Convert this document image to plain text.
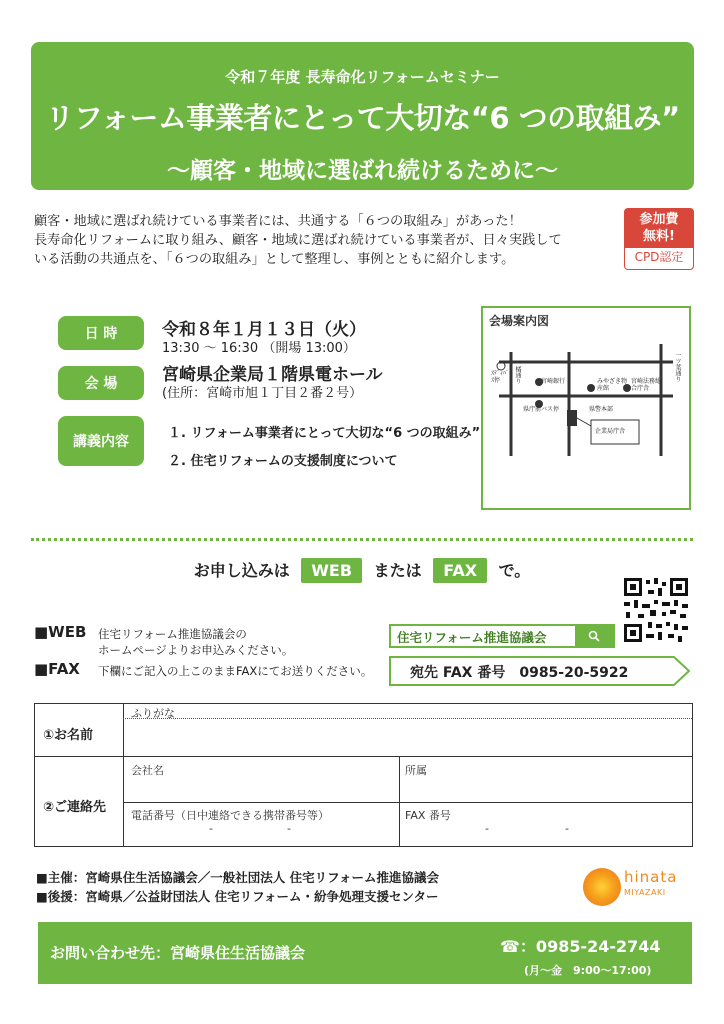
令和７年度 長寿命化リフォームセミナー
リフォーム事業者にとって大切な“6 つの取組み”
～顧客・地域に選ばれ続けるために～
顧客・地域に選ばれ続けている事業者には、共通する「６つの取組み」があった！
長寿命化リフォームに取り組み、顧客・地域に選ばれ続けている事業者が、日々実践して
いる活動の共通点を、「６つの取組み」として整理し、事例とともに紹介します。
参加費
無料!
CPD認定
日 時	令和８年１月１３日（火）
13:30 ～ 16:30 （開場 13:00）
会 場	宮崎県企業局１階県電ホール
(住所：宮崎市旭１丁目２番２号）
講義内容
１. リフォーム事業者にとって大切な“6 つの取組み”
２. 住宅リフォームの支援制度について
会場案内図
ｽﾃﾞｨﾊﾞｽ停	橘通り	宮崎銀行	みやざき物産館
宮崎法務総合庁舎
県庁前バス停	県警本部
企業局庁舎
一ツ葉通り
お申し込みは WEB または FAX で。
■WEB 住宅リフォーム推進協議会の
ホームページよりお申込みください。
住宅リフォーム推進協議会
■FAX 下欄にご記入の上このままFAXにてお送りください。	宛先 FAX 番号　0985-20-5922
①お名前
ふりがな
②ご連絡先
会社名	所属
電話番号（日中連絡できる携帯番号等）
-	-
FAX 番号
-	-
■主催：宮崎県住生活協議会／一般社団法人 住宅リフォーム推進協議会
■後援：宮崎県／公益財団法人 住宅リフォーム・紛争処理支援センター
hinata
MIYAZAKI
お問い合わせ先：宮崎県住生活協議会	☎：0985-24-2744
(月～金　9:00～17:00)
